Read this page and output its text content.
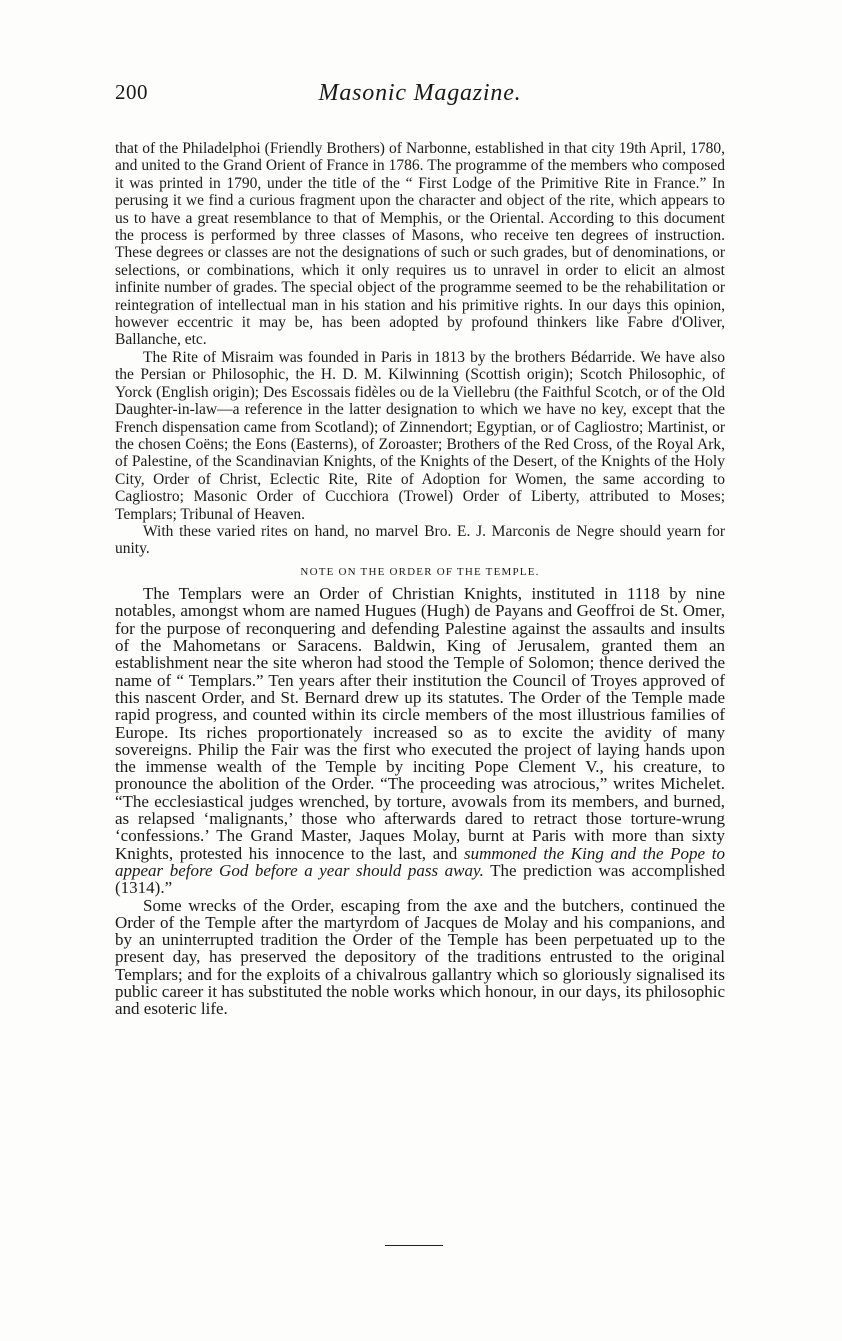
200	Masonic Magazine.

that of the Philadelphoi (Friendly Brothers) of Narbonne, established in that city 19th April, 1780, and united to the Grand Orient of France in 1786. The programme of the members who composed it was printed in 1790, under the title of the “ First Lodge of the Primitive Rite in France.” In perusing it we find a curious fragment upon the character and object of the rite, which appears to us to have a great resemblance to that of Memphis, or the Oriental. According to this document the process is performed by three classes of Masons, who receive ten degrees of instruction. These degrees or classes are not the designations of such or such grades, but of denominations, or selections, or combinations, which it only requires us to unravel in order to elicit an almost infinite number of grades. The special object of the programme seemed to be the rehabilitation or reintegration of intellectual man in his station and his primitive rights. In our days this opinion, however eccentric it may be, has been adopted by profound thinkers like Fabre d'Oliver, Ballanche, etc.

The Rite of Misraim was founded in Paris in 1813 by the brothers Bédarride. We have also the Persian or Philosophic, the H. D. M. Kilwinning (Scottish origin); Scotch Philosophic, of Yorck (English origin); Des Escossais fidèles ou de la Viellebru (the Faithful Scotch, or of the Old Daughter-in-law—a reference in the latter designation to which we have no key, except that the French dispensation came from Scotland); of Zinnendort; Egyptian, or of Cagliostro; Martinist, or the chosen Coëns; the Eons (Easterns), of Zoroaster; Brothers of the Red Cross, of the Royal Ark, of Palestine, of the Scandinavian Knights, of the Knights of the Desert, of the Knights of the Holy City, Order of Christ, Eclectic Rite, Rite of Adoption for Women, the same according to Cagliostro; Masonic Order of Cucchiora (Trowel) Order of Liberty, attributed to Moses; Templars; Tribunal of Heaven.

With these varied rites on hand, no marvel Bro. E. J. Marconis de Negre should yearn for unity.

NOTE ON THE ORDER OF THE TEMPLE.

The Templars were an Order of Christian Knights, instituted in 1118 by nine notables, amongst whom are named Hugues (Hugh) de Payans and Geoffroi de St. Omer, for the purpose of reconquering and defending Palestine against the assaults and insults of the Mahometans or Saracens. Baldwin, King of Jerusalem, granted them an establishment near the site wheron had stood the Temple of Solomon; thence derived the name of “ Templars.” Ten years after their institution the Council of Troyes approved of this nascent Order, and St. Bernard drew up its statutes. The Order of the Temple made rapid progress, and counted within its circle members of the most illustrious families of Europe. Its riches proportionately increased so as to excite the avidity of many sovereigns. Philip the Fair was the first who executed the project of laying hands upon the immense wealth of the Temple by inciting Pope Clement V., his creature, to pronounce the abolition of the Order. “The proceeding was atrocious,” writes Michelet. “The ecclesiastical judges wrenched, by torture, avowals from its members, and burned, as relapsed ‘malignants,’ those who afterwards dared to retract those torture-wrung ‘confessions.’ The Grand Master, Jaques Molay, burnt at Paris with more than sixty Knights, protested his innocence to the last, and summoned the King and the Pope to appear before God before a year should pass away. The prediction was accomplished (1314).”

Some wrecks of the Order, escaping from the axe and the butchers, continued the Order of the Temple after the martyrdom of Jacques de Molay and his companions, and by an uninterrupted tradition the Order of the Temple has been perpetuated up to the present day, has preserved the depository of the traditions entrusted to the original Templars; and for the exploits of a chivalrous gallantry which so gloriously signalised its public career it has substituted the noble works which honour, in our days, its philosophic and esoteric life.
